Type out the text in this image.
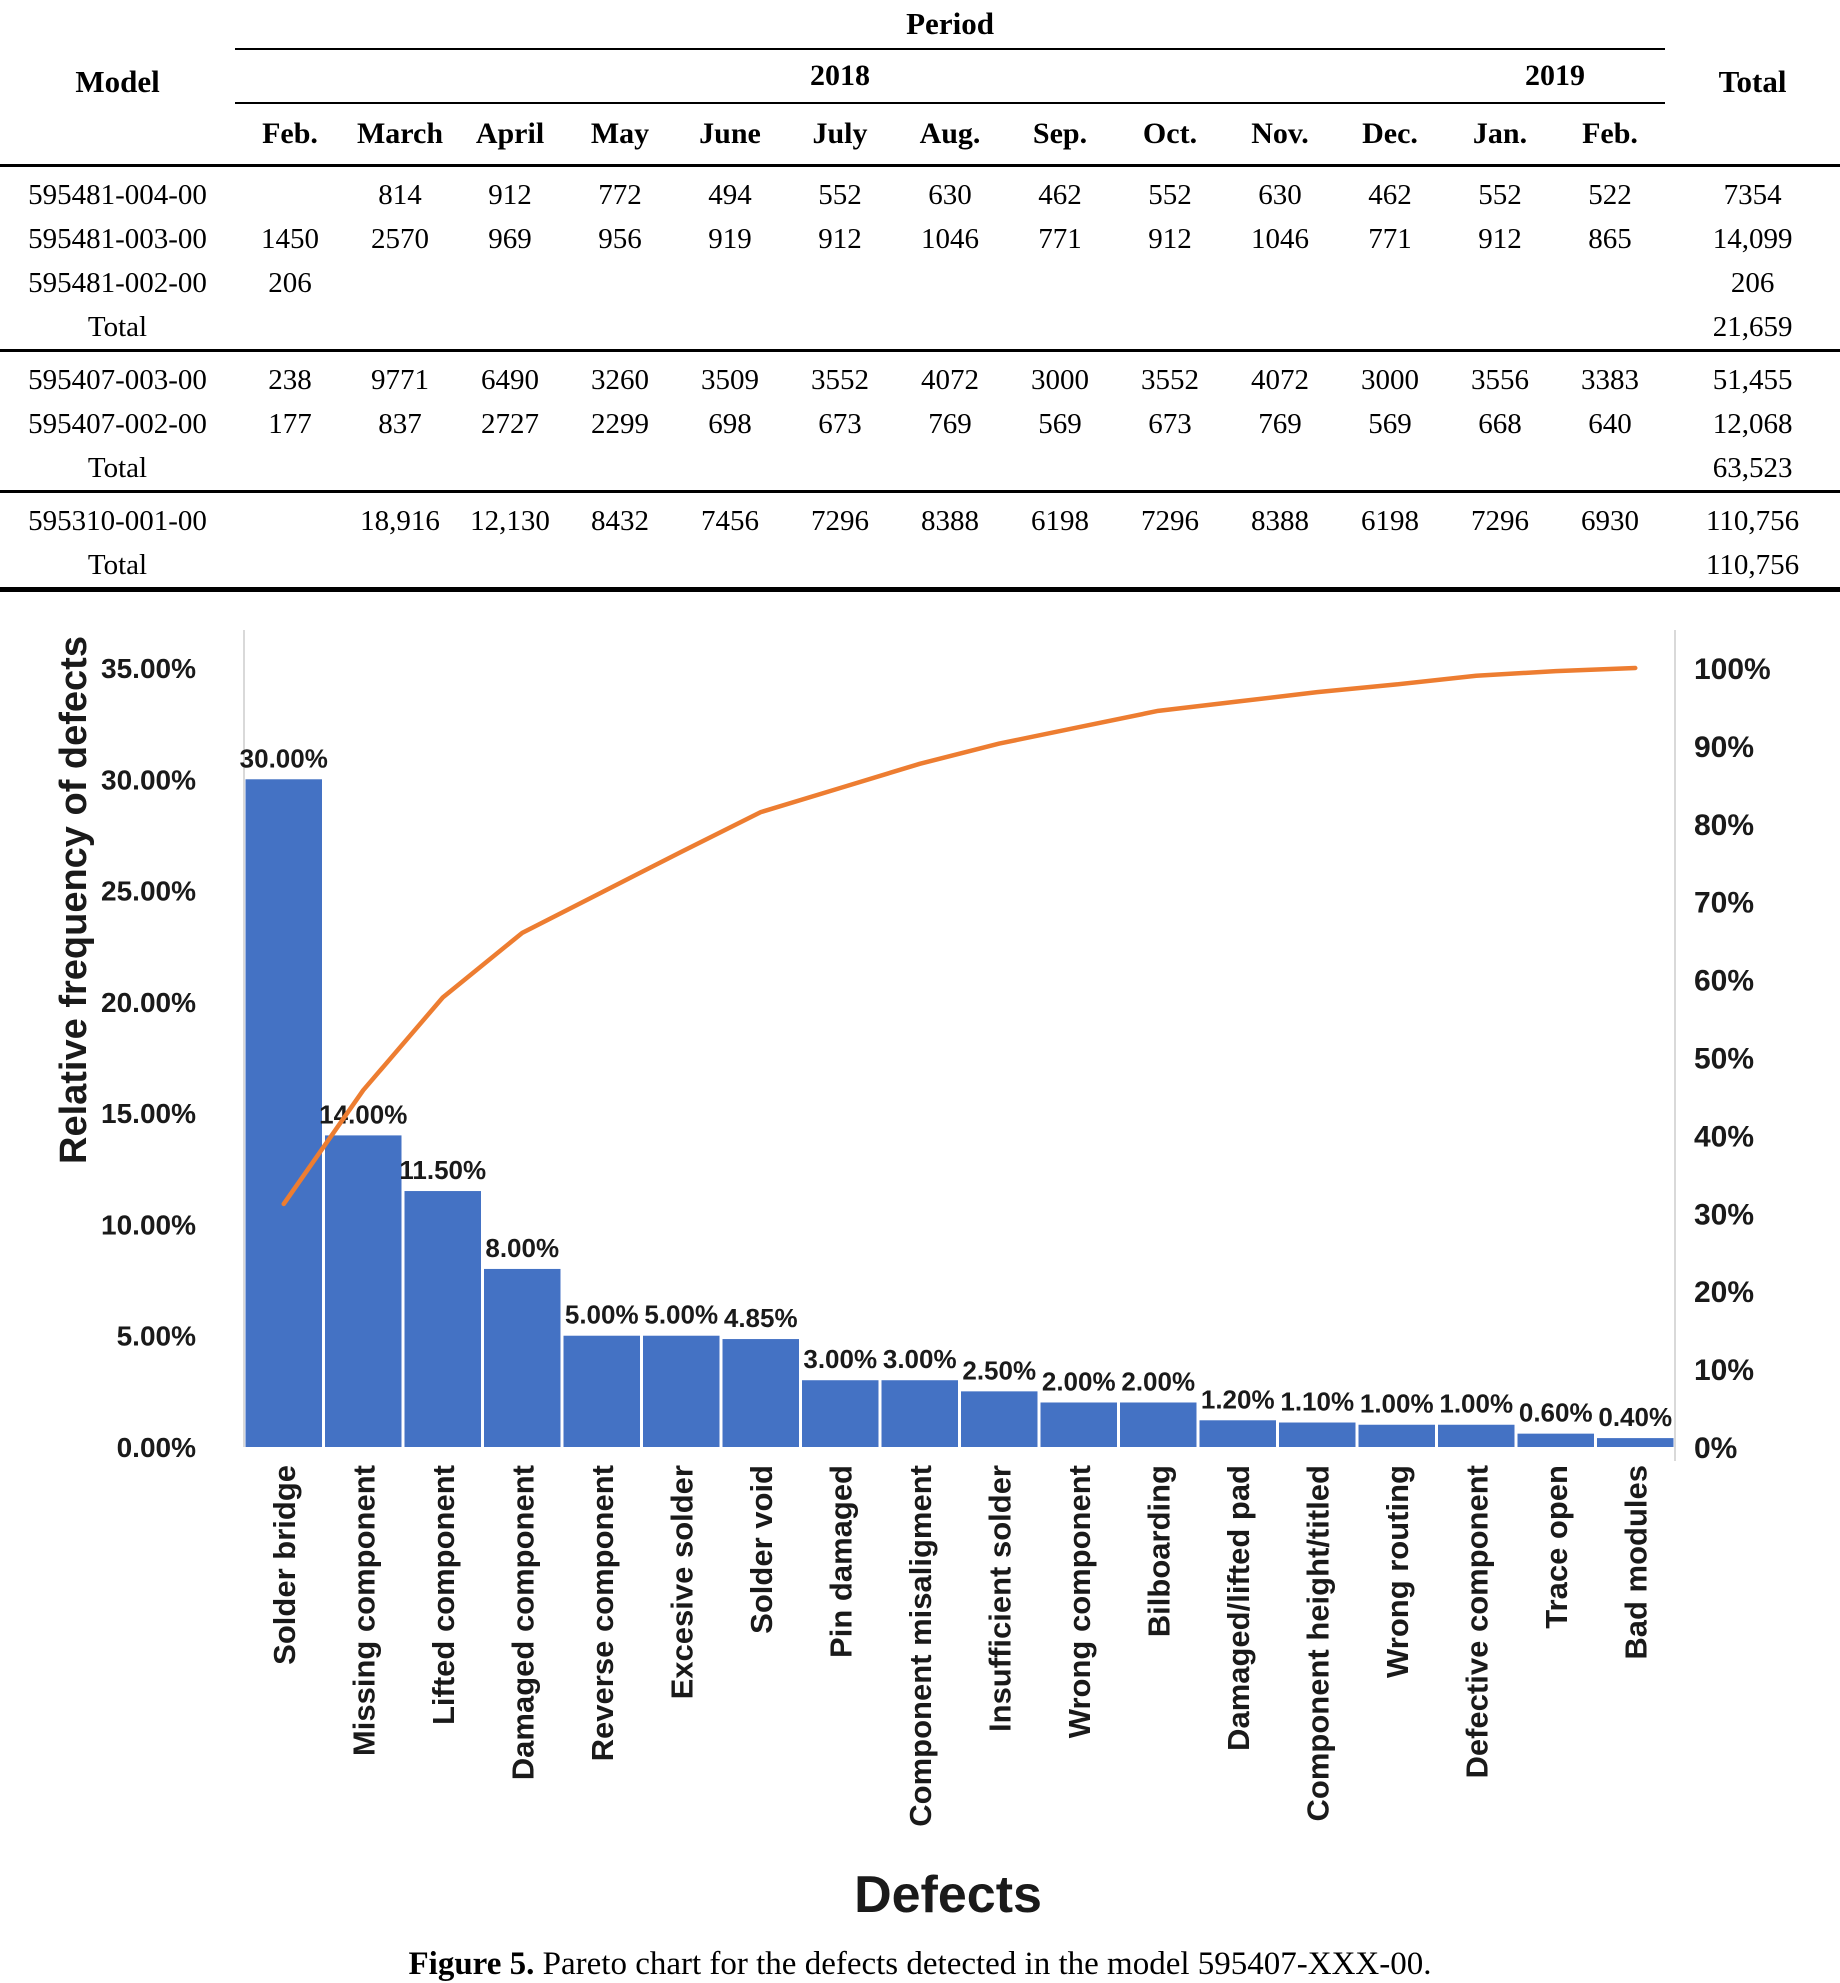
Model	Period													Total
	2018											2019		
	Feb.	March	April	May	June	July	Aug.	Sep.	Oct.	Nov.	Dec.	Jan.	Feb.	
595481-004-00		814	912	772	494	552	630	462	552	630	462	552	522	7354
595481-003-00	1450	2570	969	956	919	912	1046	771	912	1046	771	912	865	14,099
595481-002-00	206													206
Total														21,659
595407-003-00	238	9771	6490	3260	3509	3552	4072	3000	3552	4072	3000	3556	3383	51,455
595407-002-00	177	837	2727	2299	698	673	769	569	673	769	569	668	640	12,068
Total														63,523
595310-001-00		18,916	12,130	8432	7456	7296	8388	6198	7296	8388	6198	7296	6930	110,756
Total														110,756
0.00%
5.00%
10.00%
15.00%
20.00%
25.00%
30.00%
35.00%
0%
10%
20%
30%
40%
50%
60%
70%
80%
90%
100%
30.00%
Solder bridge
14.00%
Missing component
11.50%
Lifted component
8.00%
Damaged component
5.00%
Reverse component
5.00%
Excesive solder
4.85%
Solder void
3.00%
Pin damaged
3.00%
Component misaligment
2.50%
Insufficient solder
2.00%
Wrong component
2.00%
Bilboarding
1.20%
Damaged/lifted pad
1.10%
Component height/titled
1.00%
Wrong routing
1.00%
Defective component
0.60%
Trace open
0.40%
Bad modules
Relative frequency of defects
Defects
Figure 5. Pareto chart for the defects detected in the model 595407-XXX-00.
